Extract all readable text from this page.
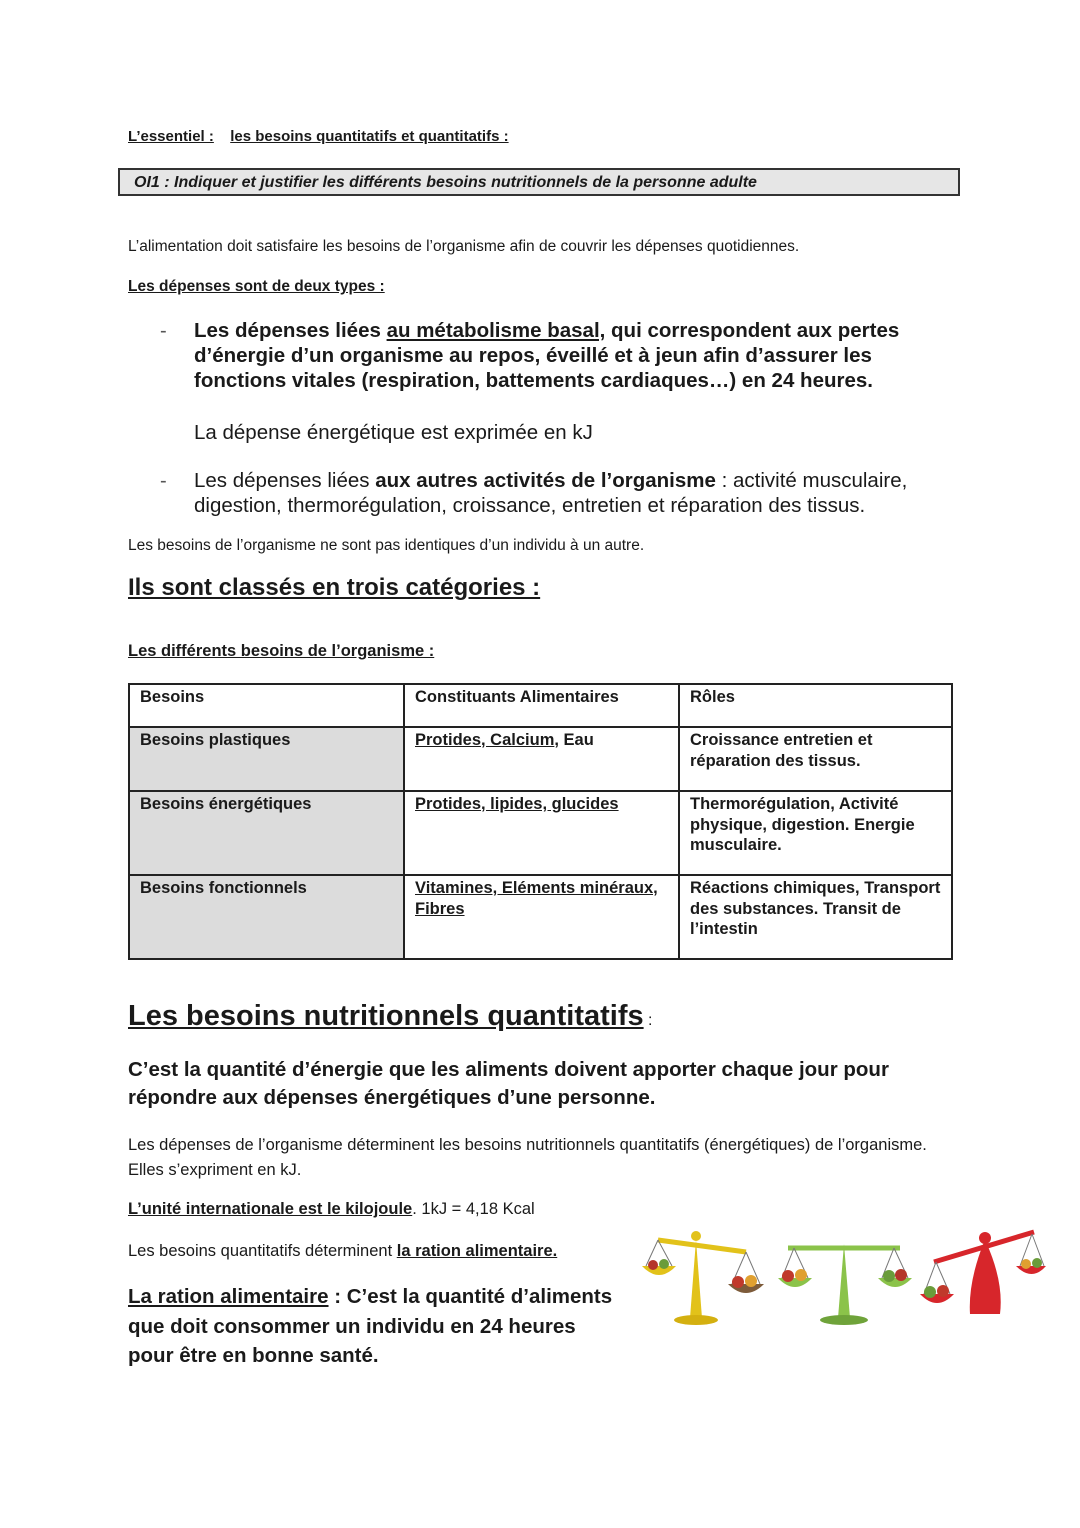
L’essentiel : les besoins quantitatifs et quantitatifs :
OI1 : Indiquer et justifier les différents besoins nutritionnels de la personne adulte
L’alimentation doit satisfaire les besoins de l’organisme afin de couvrir les dépenses quotidiennes.
Les dépenses sont de deux types :
- Les dépenses liées au métabolisme basal, qui correspondent aux pertes d’énergie d’un organisme au repos, éveillé et à jeun afin d’assurer les fonctions vitales (respiration, battements cardiaques…) en 24 heures.
La dépense énergétique est exprimée en kJ
- Les dépenses liées aux autres activités de l’organisme : activité musculaire, digestion, thermorégulation, croissance, entretien et réparation des tissus.
Les besoins de l’organisme ne sont pas identiques d’un individu à un autre.
Ils sont classés en trois catégories :
Les différents besoins de l’organisme :
Besoins	Constituants Alimentaires	Rôles
Besoins plastiques	Protides, Calcium, Eau	Croissance entretien et réparation des tissus.
Besoins énergétiques	Protides, lipides, glucides	Thermorégulation, Activité physique, digestion. Energie musculaire.
Besoins fonctionnels	Vitamines, Eléments minéraux, Fibres	Réactions chimiques, Transport des substances. Transit de l’intestin
Les besoins nutritionnels quantitatifs :
C’est la quantité d’énergie que les aliments doivent apporter chaque jour pour répondre aux dépenses énergétiques d’une personne.
Les dépenses de l’organisme déterminent les besoins nutritionnels quantitatifs (énergétiques) de l’organisme. Elles s’expriment en kJ.
L’unité internationale est le kilojoule. 1kJ = 4,18 Kcal
Les besoins quantitatifs déterminent la ration alimentaire.
La ration alimentaire : C’est la quantité d’aliments que doit consommer un individu en 24 heures pour être en bonne santé.
